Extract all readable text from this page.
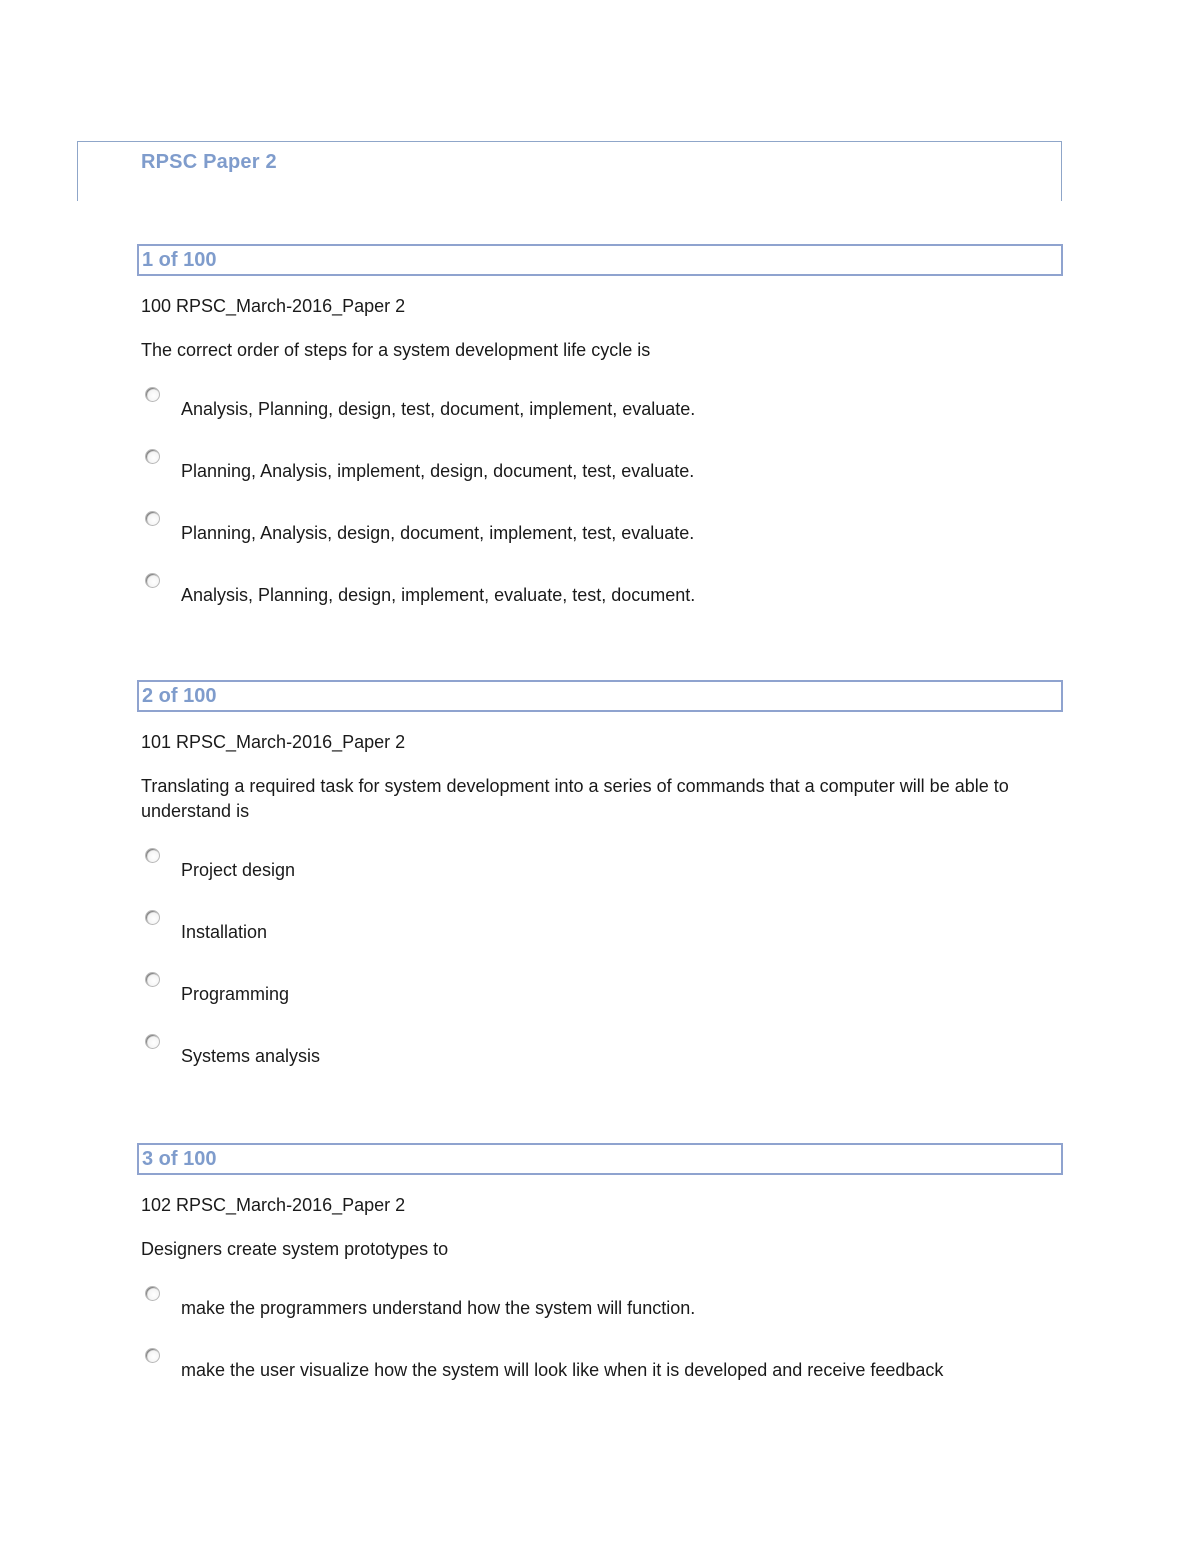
RPSC Paper 2
1 of 100
100 RPSC_March-2016_Paper 2
The correct order of steps for a system development life cycle is
Analysis, Planning, design, test, document, implement, evaluate.
Planning, Analysis, implement, design, document, test, evaluate.
Planning, Analysis, design, document, implement, test, evaluate.
Analysis, Planning, design, implement, evaluate, test, document.
2 of 100
101 RPSC_March-2016_Paper 2
Translating a required task for system development into a series of commands that a computer will be able to understand is
Project design
Installation
Programming
Systems analysis
3 of 100
102 RPSC_March-2016_Paper 2
Designers create system prototypes to
make the programmers understand how the system will function.
make the user visualize how the system will look like when it is developed and receive feedback
